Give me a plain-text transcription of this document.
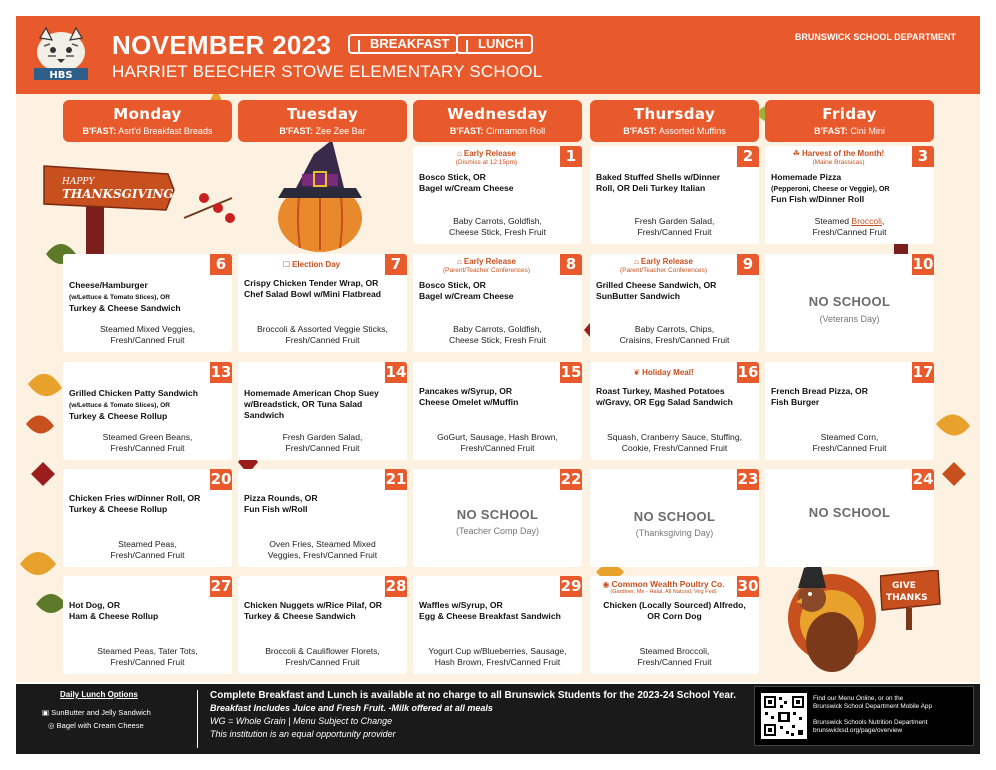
HBS
NOVEMBER 2023 ❙ BREAKFAST	❙ LUNCH
HARRIET BEECHER STOWE ELEMENTARY SCHOOL
BRUNSWICK SCHOOL DEPARTMENT
HAPPY
THANKSGIVING
GIVE
THANKS
Monday
B'FAST: Asrt'd Breakfast Breads
Tuesday
B'FAST: Zee Zee Bar
Wednesday
B'FAST: Cinnamon Roll
Thursday
B'FAST: Assorted Muffins
Friday
B'FAST: Cini Mini
1
⌂ Early Release
(Dismiss at 12:15pm)
Bosco Stick, OR
Bagel w/Cream Cheese
Baby Carrots, Goldfish,
Cheese Stick, Fresh Fruit
2
Baked Stuffed Shells w/Dinner
Roll, OR Deli Turkey Italian
Fresh Garden Salad,
Fresh/Canned Fruit
3
☘ Harvest of the Month!
(Maine Brassicas)
Homemade Pizza
(Pepperoni, Cheese or Veggie), OR
Fun Fish w/Dinner Roll
Steamed Broccoli,
Fresh/Canned Fruit
6
Cheese/Hamburger
(w/Lettuce & Tomato Slices), OR
Turkey & Cheese Sandwich
Steamed Mixed Veggies,
Fresh/Canned Fruit
7
☐ Election Day
Crispy Chicken Tender Wrap, OR
Chef Salad Bowl w/Mini Flatbread
Broccoli & Assorted Veggie Sticks,
Fresh/Canned Fruit
8
⌂ Early Release
(Parent/Teacher Conferences)
Bosco Stick, OR
Bagel w/Cream Cheese
Baby Carrots, Goldfish,
Cheese Stick, Fresh Fruit
9
⌂ Early Release
(Parent/Teacher Conferences)
Grilled Cheese Sandwich, OR
SunButter Sandwich
Baby Carrots, Chips,
Craisins, Fresh/Canned Fruit
10
NO SCHOOL
(Veterans Day)
13
Grilled Chicken Patty Sandwich
(w/Lettuce & Tomato Slices), OR
Turkey & Cheese Rollup
Steamed Green Beans,
Fresh/Canned Fruit
14
Homemade American Chop Suey
w/Breadstick, OR Tuna Salad
Sandwich
Fresh Garden Salad,
Fresh/Canned Fruit
15
Pancakes w/Syrup, OR
Cheese Omelet w/Muffin
GoGurt, Sausage, Hash Brown,
Fresh/Canned Fruit
16
❦ Holiday Meal!
Roast Turkey, Mashed Potatoes
w/Gravy, OR Egg Salad Sandwich
Squash, Cranberry Sauce, Stuffing,
Cookie, Fresh/Canned Fruit
17
French Bread Pizza, OR
Fish Burger
Steamed Corn,
Fresh/Canned Fruit
20
Chicken Fries w/Dinner Roll, OR
Turkey & Cheese Rollup
Steamed Peas,
Fresh/Canned Fruit
21
Pizza Rounds, OR
Fun Fish w/Roll
Oven Fries, Steamed Mixed
Veggies, Fresh/Canned Fruit
22
NO SCHOOL
(Teacher Comp Day)
23
NO SCHOOL
(Thanksgiving Day)
24
NO SCHOOL
27
Hot Dog, OR
Ham & Cheese Rollup
Steamed Peas, Tater Tots,
Fresh/Canned Fruit
28
Chicken Nuggets w/Rice Pilaf, OR
Turkey & Cheese Sandwich
Broccoli & Cauliflower Florets,
Fresh/Canned Fruit
29
Waffles w/Syrup, OR
Egg & Cheese Breakfast Sandwich
Yogurt Cup w/Blueberries, Sausage,
Hash Brown, Fresh/Canned Fruit
30
◉ Common Wealth Poultry Co.
(Gardiner, Me - Halal, All Natural, Veg Fed)
Chicken (Locally Sourced) Alfredo,
OR Corn Dog
Steamed Broccoli,
Fresh/Canned Fruit
Daily Lunch Options
▣ SunButter and Jelly Sandwich
◎ Bagel with Cream Cheese
Complete Breakfast and Lunch is available at no charge to all Brunswick Students for the 2023-24 School Year.
Breakfast Includes Juice and Fresh Fruit. -Milk offered at all meals
WG = Whole Grain | Menu Subject to Change
This institution is an equal opportunity provider
Find our Menu Online, or on the
Brunswick School Department Mobile App
Brunswick Schools Nutrition Department
brunswicksd.org/page/overview
